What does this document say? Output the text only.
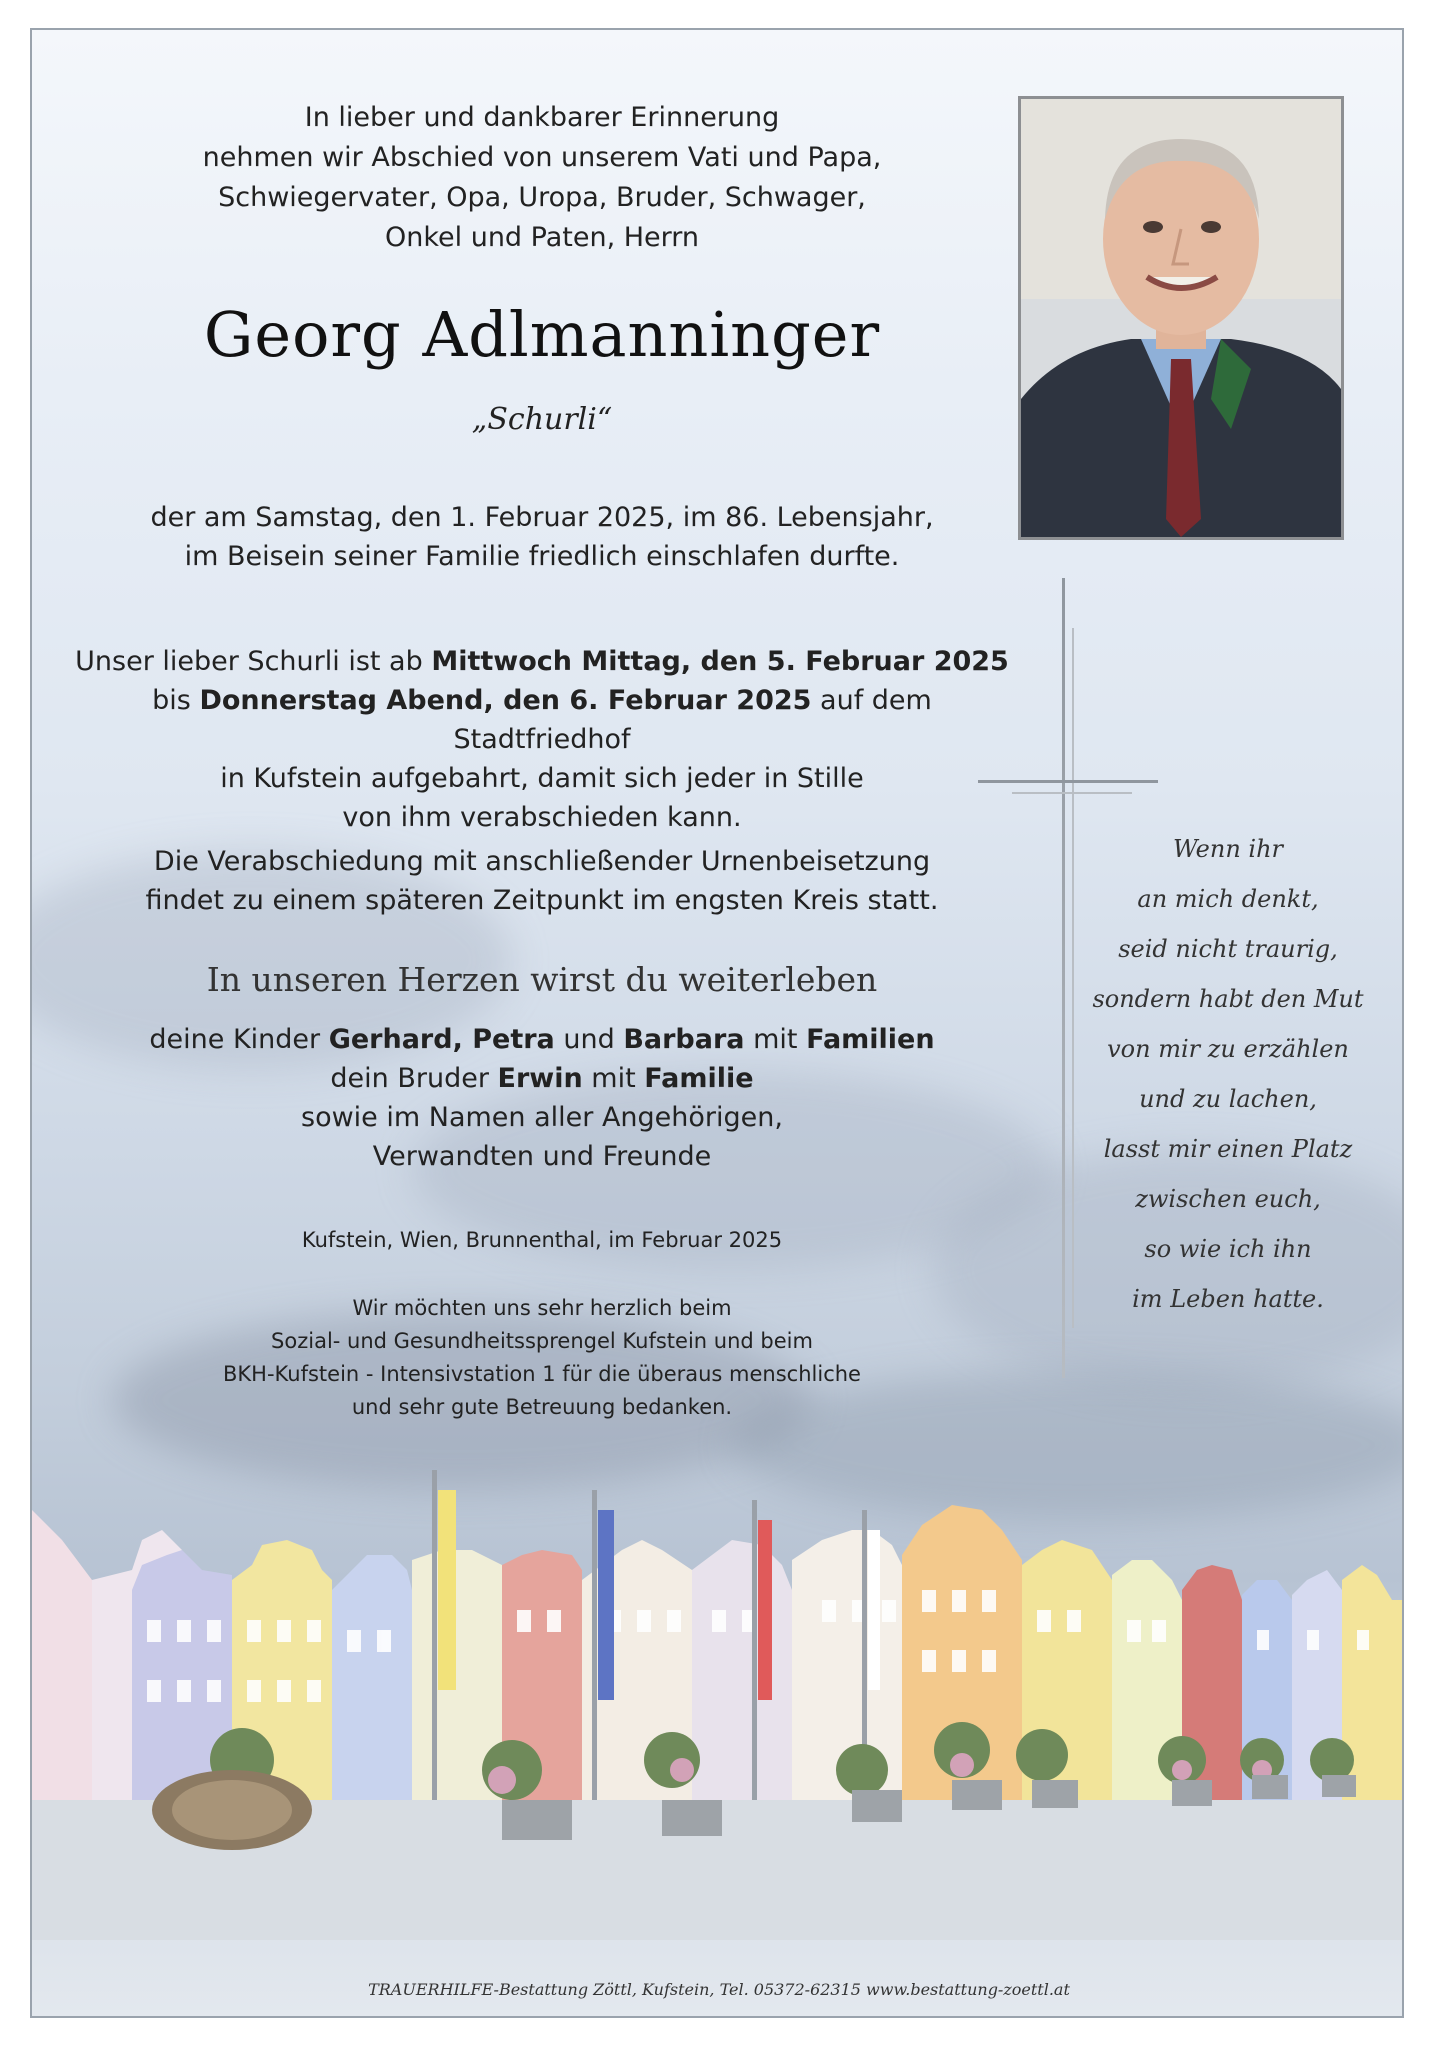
In lieber und dankbarer Erinnerung
nehmen wir Abschied von unserem Vati und Papa,
Schwiegervater, Opa, Uropa, Bruder, Schwager,
Onkel und Paten, Herrn
Georg Adlmanninger
„Schurli“
der am Samstag, den 1. Februar 2025, im 86. Lebensjahr,
im Beisein seiner Familie friedlich einschlafen durfte.
Unser lieber Schurli ist ab Mittwoch Mittag, den 5. Februar 2025
bis Donnerstag Abend, den 6. Februar 2025 auf dem Stadtfriedhof
in Kufstein aufgebahrt, damit sich jeder in Stille
von ihm verabschieden kann.
Die Verabschiedung mit anschließender Urnenbeisetzung
findet zu einem späteren Zeitpunkt im engsten Kreis statt.
In unseren Herzen wirst du weiterleben
deine Kinder Gerhard, Petra und Barbara mit Familien
dein Bruder Erwin mit Familie
sowie im Namen aller Angehörigen,
Verwandten und Freunde
Kufstein, Wien, Brunnenthal, im Februar 2025
Wir möchten uns sehr herzlich beim
Sozial- und Gesundheitssprengel Kufstein und beim
BKH-Kufstein - Intensivstation 1 für die überaus menschliche
und sehr gute Betreuung bedanken.
Wenn ihr
an mich denkt,
seid nicht traurig,
sondern habt den Mut
von mir zu erzählen
und zu lachen,
lasst mir einen Platz
zwischen euch,
so wie ich ihn
im Leben hatte.
TRAUERHILFE-Bestattung Zöttl, Kufstein, Tel. 05372-62315 www.bestattung-zoettl.at
